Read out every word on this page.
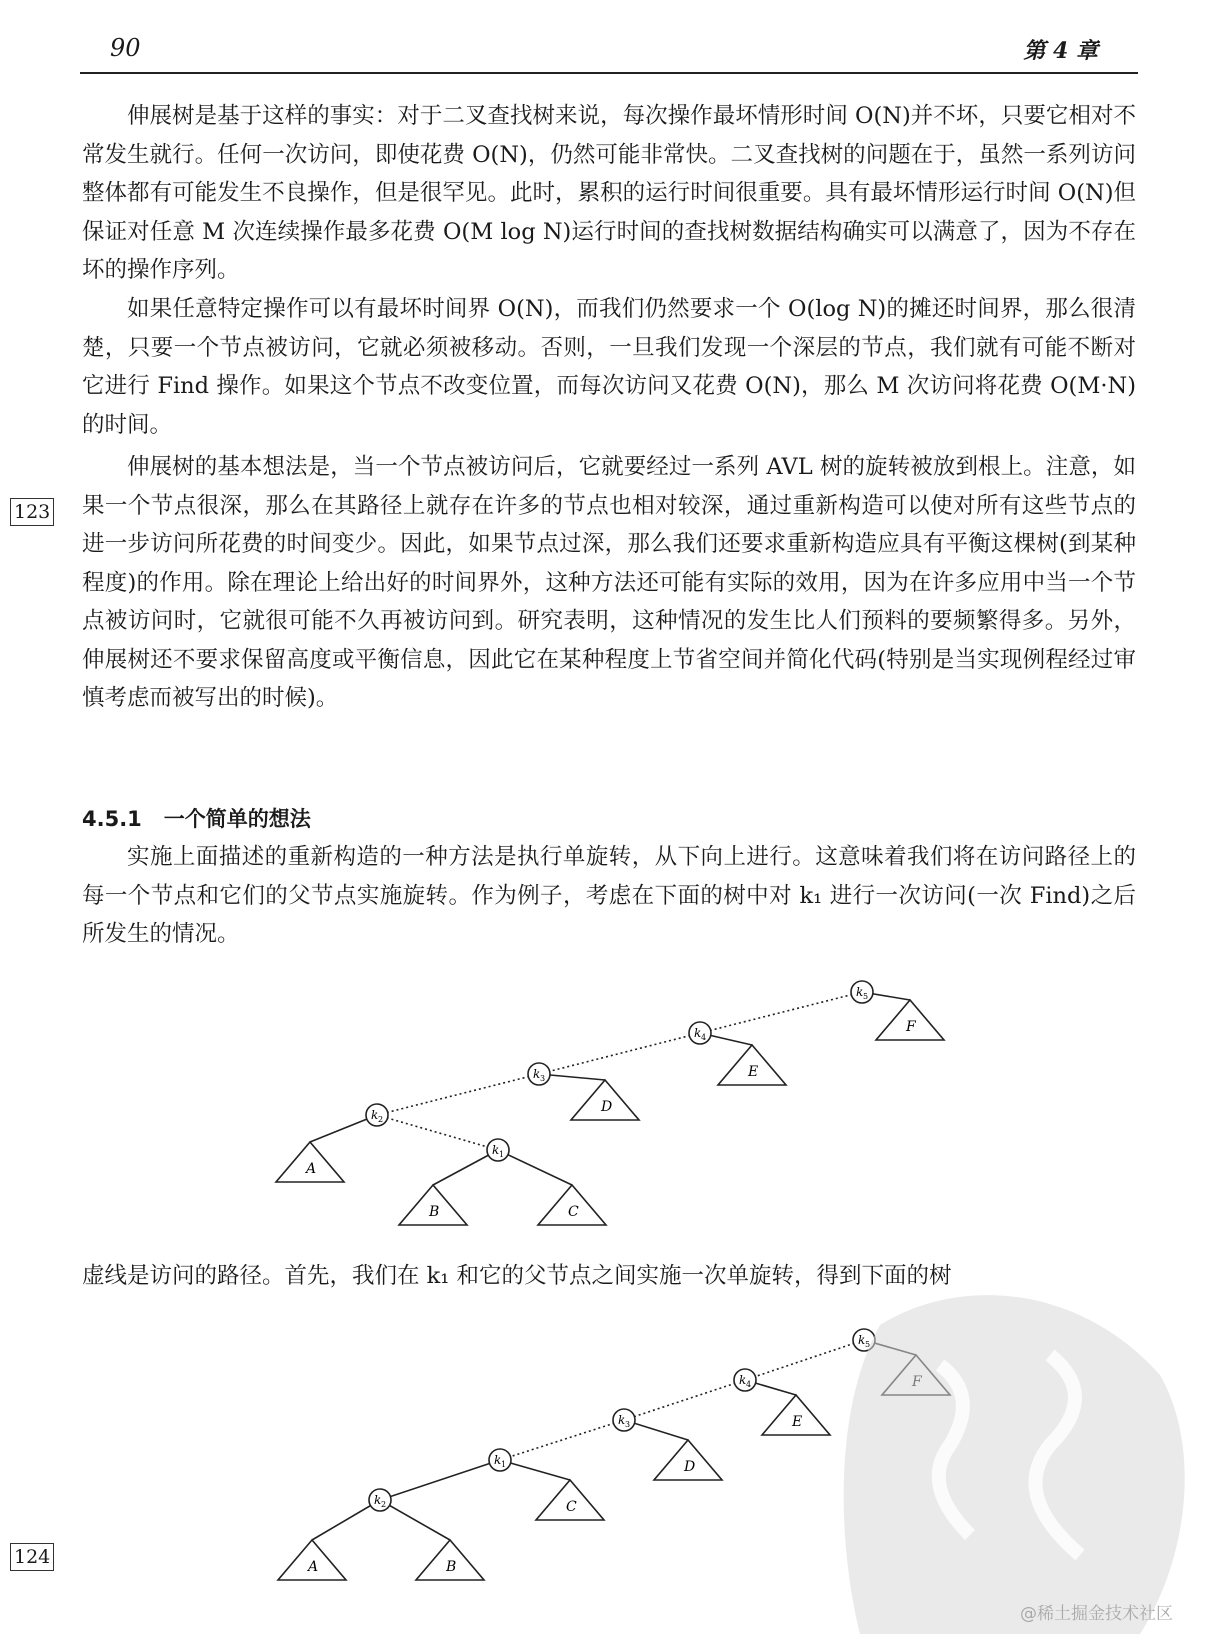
90	第 4 章

伸展树是基于这样的事实：对于二叉查找树来说，每次操作最坏情形时间 O(N)并不坏，只要它相对不常发生就行。任何一次访问，即使花费 O(N)，仍然可能非常快。二叉查找树的问题在于，虽然一系列访问整体都有可能发生不良操作，但是很罕见。此时，累积的运行时间很重要。具有最坏情形运行时间 O(N)但保证对任意 M 次连续操作最多花费 O(M log N)运行时间的查找树数据结构确实可以满意了，因为不存在坏的操作序列。

如果任意特定操作可以有最坏时间界 O(N)，而我们仍然要求一个 O(log N)的摊还时间界，那么很清楚，只要一个节点被访问，它就必须被移动。否则，一旦我们发现一个深层的节点，我们就有可能不断对它进行 Find 操作。如果这个节点不改变位置，而每次访问又花费 O(N)，那么 M 次访问将花费 O(M·N)的时间。

伸展树的基本想法是，当一个节点被访问后，它就要经过一系列 AVL 树的旋转被放到根上。注意，如果一个节点很深，那么在其路径上就存在许多的节点也相对较深，通过重新构造可以使对所有这些节点的进一步访问所花费的时间变少。因此，如果节点过深，那么我们还要求重新构造应具有平衡这棵树(到某种程度)的作用。除在理论上给出好的时间界外，这种方法还可能有实际的效用，因为在许多应用中当一个节点被访问时，它就很可能不久再被访问到。研究表明，这种情况的发生比人们预料的要频繁得多。另外，伸展树还不要求保留高度或平衡信息，因此它在某种程度上节省空间并简化代码(特别是当实现例程经过审慎考虑而被写出的时候)。

123
4.5.1 一个简单的想法

实施上面描述的重新构造的一种方法是执行单旋转，从下向上进行。这意味着我们将在访问路径上的每一个节点和它们的父节点实施旋转。作为例子，考虑在下面的树中对 k₁ 进行一次访问(一次 Find)之后所发生的情况。

F
E
D
A
B	C
k 5
k 4
k 3
k 2
k 1
虚线是访问的路径。首先，我们在 k₁ 和它的父节点之间实施一次单旋转，得到下面的树
E
D
C
A	B
k 5
k 4
k 3
k 1
k 2
124
@稀土掘金技术社区
